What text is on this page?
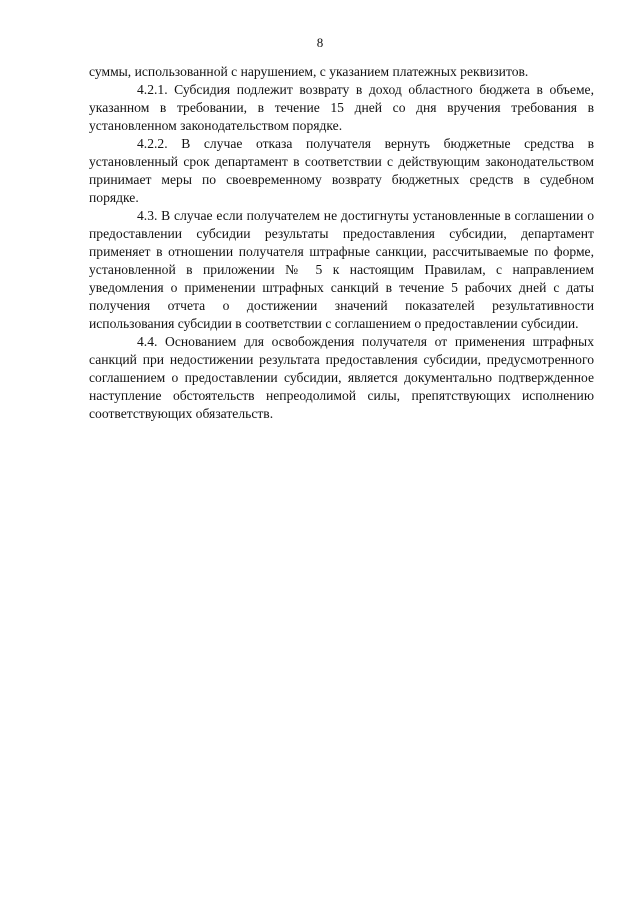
8

суммы, использованной с нарушением, с указанием платежных реквизитов.

4.2.1. Субсидия подлежит возврату в доход областного бюджета в объеме, указанном в требовании, в течение 15 дней со дня вручения требования в установленном законодательством порядке.

4.2.2. В случае отказа получателя вернуть бюджетные средства в установленный срок департамент в соответствии с действующим законодательством принимает меры по своевременному возврату бюджетных средств в судебном порядке.

4.3. В случае если получателем не достигнуты установленные в соглашении о предоставлении субсидии результаты предоставления субсидии, департамент применяет в отношении получателя штрафные санкции, рассчитываемые по форме, установленной в приложении № 5 к настоящим Правилам, с направлением уведомления о применении штрафных санкций в течение 5 рабочих дней с даты получения отчета о достижении значений показателей результативности использования субсидии в соответствии с соглашением о предоставлении субсидии.

4.4. Основанием для освобождения получателя от применения штрафных санкций при недостижении результата предоставления субсидии, предусмотренного соглашением о предоставлении субсидии, является документально подтвержденное наступление обстоятельств непреодолимой силы, препятствующих исполнению соответствующих обязательств.
